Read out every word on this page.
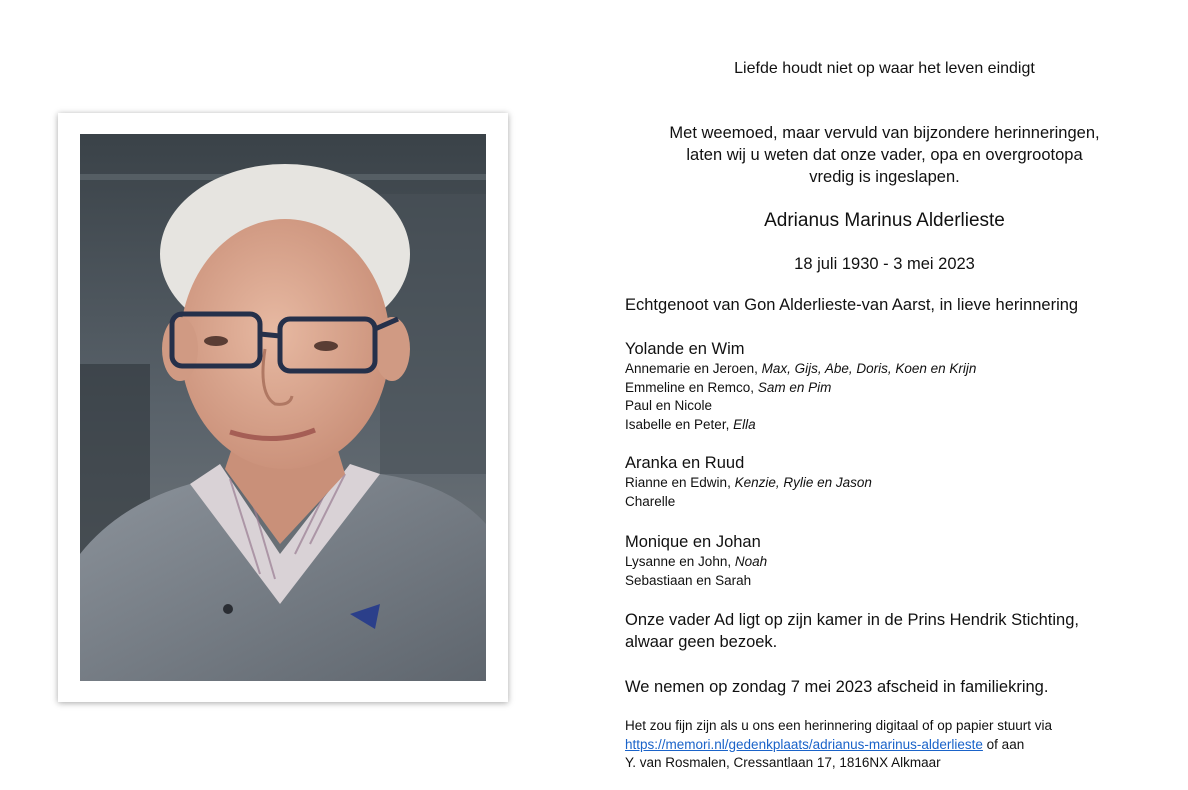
Liefde houdt niet op waar het leven eindigt
Met weemoed, maar vervuld van bijzondere herinneringen,
laten wij u weten dat onze vader, opa en overgrootopa
vredig is ingeslapen.
Adrianus Marinus Alderlieste
18 juli 1930 - 3 mei 2023
Echtgenoot van Gon Alderlieste-van Aarst, in lieve herinnering
Yolande en Wim
Annemarie en Jeroen, Max, Gijs, Abe, Doris, Koen en Krijn
Emmeline en Remco, Sam en Pim
Paul en Nicole
Isabelle en Peter, Ella
Aranka en Ruud
Rianne en Edwin, Kenzie, Rylie en Jason
Charelle
Monique en Johan
Lysanne en John, Noah
Sebastiaan en Sarah
Onze vader Ad ligt op zijn kamer in de Prins Hendrik Stichting,
alwaar geen bezoek.
We nemen op zondag 7 mei 2023 afscheid in familiekring.
Het zou fijn zijn als u ons een herinnering digitaal of op papier stuurt via
https://memori.nl/gedenkplaats/adrianus-marinus-alderlieste of aan
Y. van Rosmalen, Cressantlaan 17, 1816NX Alkmaar
